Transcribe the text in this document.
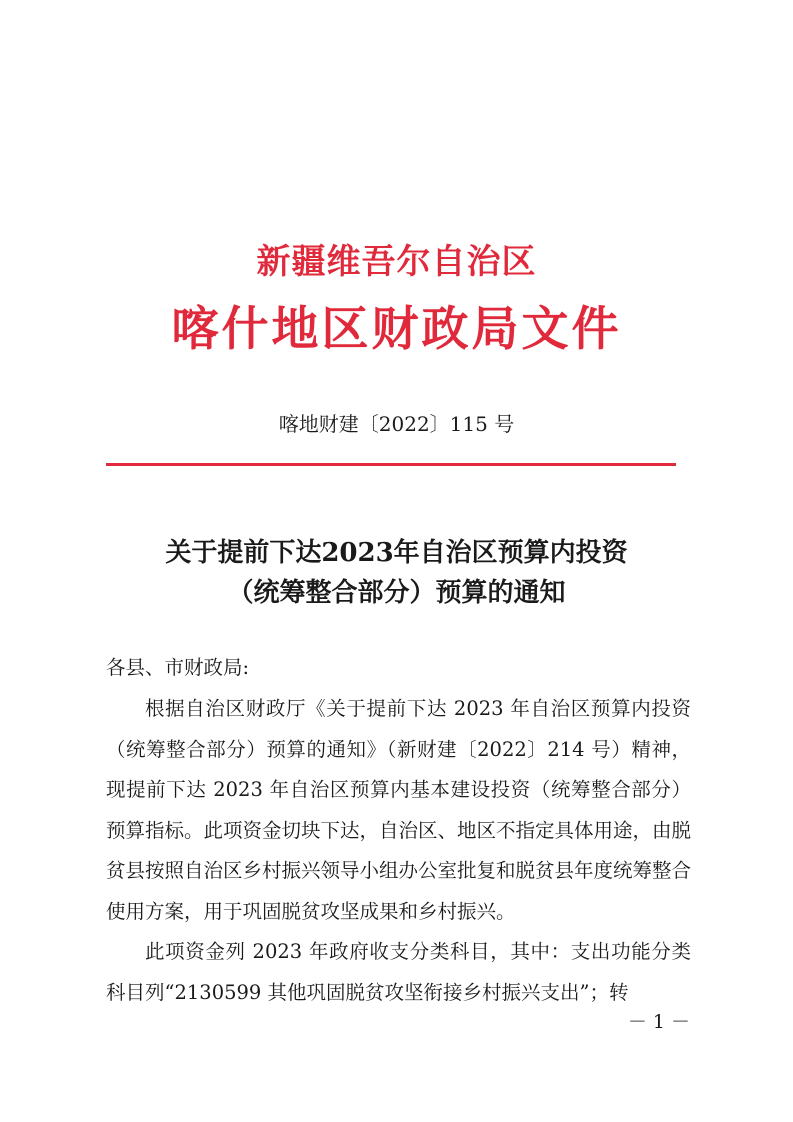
新疆维吾尔自治区
喀什地区财政局文件
喀地财建〔2022〕115 号
关于提前下达2023年自治区预算内投资
（统筹整合部分）预算的通知
各县、市财政局:

根据自治区财政厅《关于提前下达 2023 年自治区预算内投资（统筹整合部分）预算的通知》（新财建〔2022〕214 号）精神，现提前下达 2023 年自治区预算内基本建设投资（统筹整合部分）预算指标。此项资金切块下达，自治区、地区不指定具体用途，由脱贫县按照自治区乡村振兴领导小组办公室批复和脱贫县年度统筹整合使用方案，用于巩固脱贫攻坚成果和乡村振兴。

此项资金列 2023 年政府收支分类科目，其中：支出功能分类科目列“2130599 其他巩固脱贫攻坚衔接乡村振兴支出”；转

－ 1 －
